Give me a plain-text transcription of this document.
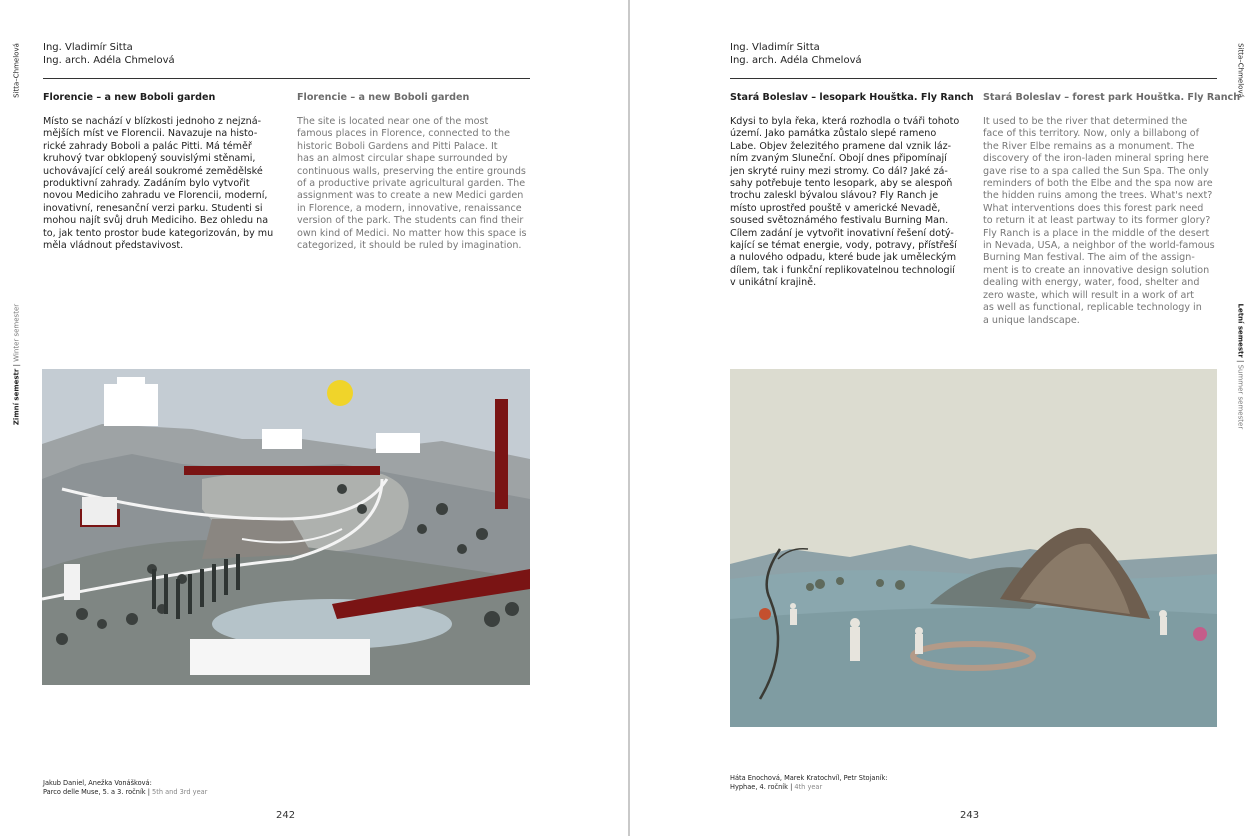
Sitta–Chmelová
Zimní semestr | Winter semester
Ing. Vladimír Sitta
Ing. arch. Adéla Chmelová
Florencie – a new Boboli garden	Florencie – a new Boboli garden

Místo se nachází v blízkosti jednoho z nejzná-
mějších míst ve Florencii. Navazuje na histo-
rické zahrady Boboli a palác Pitti. Má téměř
kruhový tvar obklopený souvislými stěnami,
uchovávající celý areál soukromé zemědělské
produktivní zahrady. Zadáním bylo vytvořit
novou Mediciho zahradu ve Florencii, moderní,
inovativní, renesanční verzi parku. Studenti si
mohou najít svůj druh Mediciho. Bez ohledu na
to, jak tento prostor bude kategorizován, by mu
měla vládnout představivost.

The site is located near one of the most
famous places in Florence, connected to the
historic Boboli Gardens and Pitti Palace. It
has an almost circular shape surrounded by
continuous walls, preserving the entire grounds
of a productive private agricultural garden. The
assignment was to create a new Medici garden
in Florence, a modern, innovative, renaissance
version of the park. The students can find their
own kind of Medici. No matter how this space is
categorized, it should be ruled by imagination.

Jakub Daniel, Anežka Vonášková:
Parco delle Muse, 5. a 3. ročník | 5th and 3rd year
242
Sitta–Chmelová
Letní semestr | Summer semester
Ing. Vladimír Sitta
Ing. arch. Adéla Chmelová
Stará Boleslav – lesopark Houštka. Fly Ranch Stará Boleslav – forest park Houštka. Fly Ranch

Kdysi to byla řeka, která rozhodla o tváři tohoto
území. Jako památka zůstalo slepé rameno
Labe. Objev železitého pramene dal vznik láz-
ním zvaným Sluneční. Obojí dnes připomínají
jen skryté ruiny mezi stromy. Co dál? Jaké zá-
sahy potřebuje tento lesopark, aby se alespoň
trochu zaleskl bývalou slávou? Fly Ranch je
místo uprostřed pouště v americké Nevadě,
soused světoznámého festivalu Burning Man.
Cílem zadání je vytvořit inovativní řešení dotý-
kající se témat energie, vody, potravy, přístřeší
a nulového odpadu, které bude jak uměleckým
dílem, tak i funkční replikovatelnou technologií
v unikátní krajině.

It used to be the river that determined the
face of this territory. Now, only a billabong of
the River Elbe remains as a monument. The
discovery of the iron-laden mineral spring here
gave rise to a spa called the Sun Spa. The only
reminders of both the Elbe and the spa now are
the hidden ruins among the trees. What's next?
What interventions does this forest park need
to return it at least partway to its former glory?
Fly Ranch is a place in the middle of the desert
in Nevada, USA, a neighbor of the world-famous
Burning Man festival. The aim of the assign-
ment is to create an innovative design solution
dealing with energy, water, food, shelter and
zero waste, which will result in a work of art
as well as functional, replicable technology in
a unique landscape.

Háta Enochová, Marek Kratochvíl, Petr Stojaník:
Hyphae, 4. ročník | 4th year
243
